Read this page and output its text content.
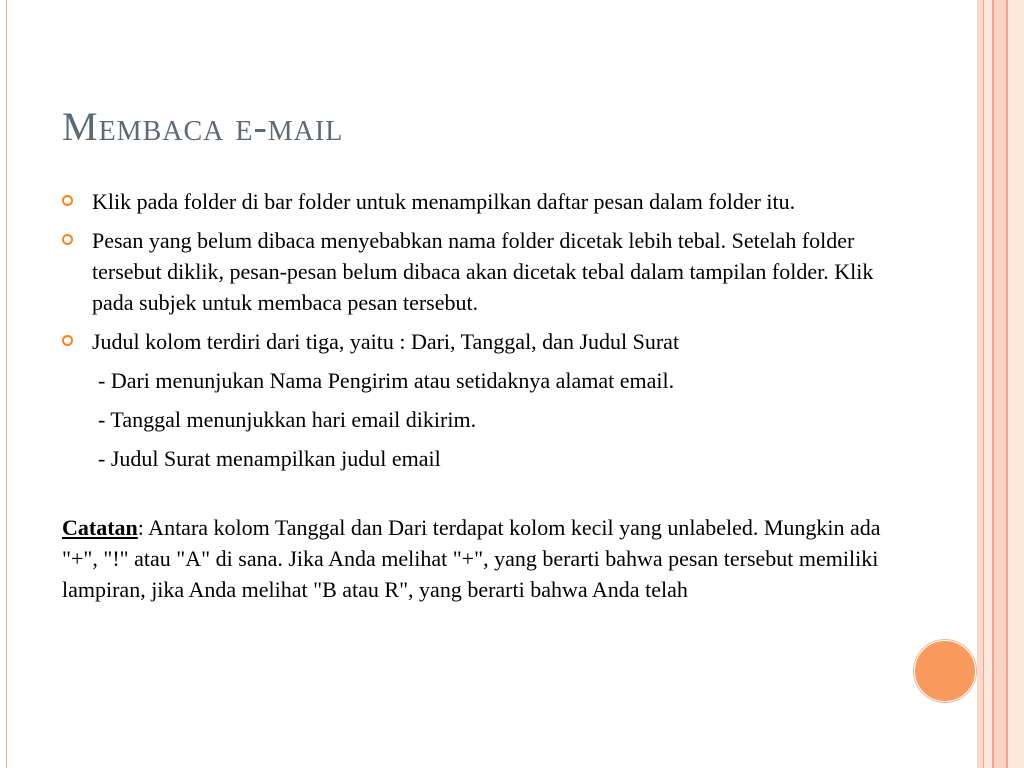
Membaca e-mail
Klik pada folder di bar folder untuk menampilkan daftar pesan dalam folder itu.
Pesan yang belum dibaca menyebabkan nama folder dicetak lebih tebal. Setelah folder tersebut diklik, pesan-pesan belum dibaca akan dicetak tebal dalam tampilan folder. Klik pada subjek untuk membaca pesan tersebut.
Judul kolom terdiri dari tiga, yaitu : Dari, Tanggal, dan Judul Surat
- Dari menunjukan Nama Pengirim atau setidaknya alamat email.
- Tanggal menunjukkan hari email dikirim.
- Judul Surat menampilkan judul email
Catatan: Antara kolom Tanggal dan Dari terdapat kolom kecil yang unlabeled. Mungkin ada "+", "!" atau "A" di sana. Jika Anda melihat "+", yang berarti bahwa pesan tersebut memiliki lampiran, jika Anda melihat "B atau R", yang berarti bahwa Anda telah
